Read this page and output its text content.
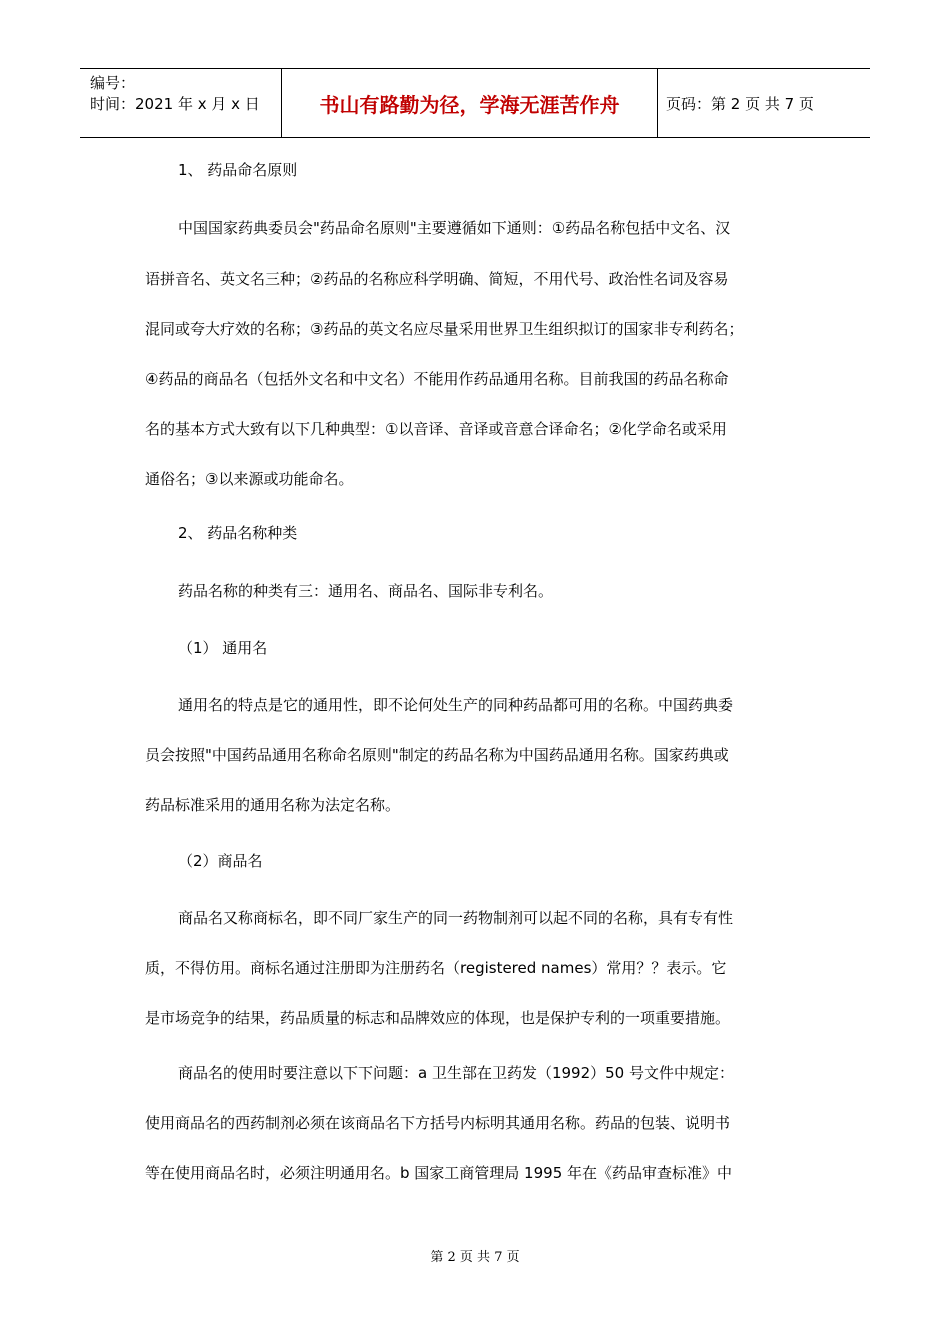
编号：
时间：2021 年 x 月 x 日	书山有路勤为径，学海无涯苦作舟	页码：第 2 页 共 7 页
1、 药品命名原则
中国国家药典委员会"药品命名原则"主要遵循如下通则：①药品名称包括中文名、汉
语拼音名、英文名三种；②药品的名称应科学明确、简短，不用代号、政治性名词及容易
混同或夸大疗效的名称；③药品的英文名应尽量采用世界卫生组织拟订的国家非专利药名；
④药品的商品名（包括外文名和中文名）不能用作药品通用名称。目前我国的药品名称命
名的基本方式大致有以下几种典型：①以音译、音译或音意合译命名；②化学命名或采用
通俗名；③以来源或功能命名。
2、 药品名称种类
药品名称的种类有三：通用名、商品名、国际非专利名。
（1） 通用名
通用名的特点是它的通用性，即不论何处生产的同种药品都可用的名称。中国药典委
员会按照"中国药品通用名称命名原则"制定的药品名称为中国药品通用名称。国家药典或
药品标准采用的通用名称为法定名称。
（2）商品名
商品名又称商标名，即不同厂家生产的同一药物制剂可以起不同的名称，具有专有性
质，不得仿用。商标名通过注册即为注册药名（registered names）常用？？表示。它
是市场竞争的结果，药品质量的标志和品牌效应的体现，也是保护专利的一项重要措施。
商品名的使用时要注意以下下问题：a 卫生部在卫药发（1992）50 号文件中规定：
使用商品名的西药制剂必须在该商品名下方括号内标明其通用名称。药品的包装、说明书
等在使用商品名时，必须注明通用名。b 国家工商管理局 1995 年在《药品审查标准》中
第 2 页 共 7 页
